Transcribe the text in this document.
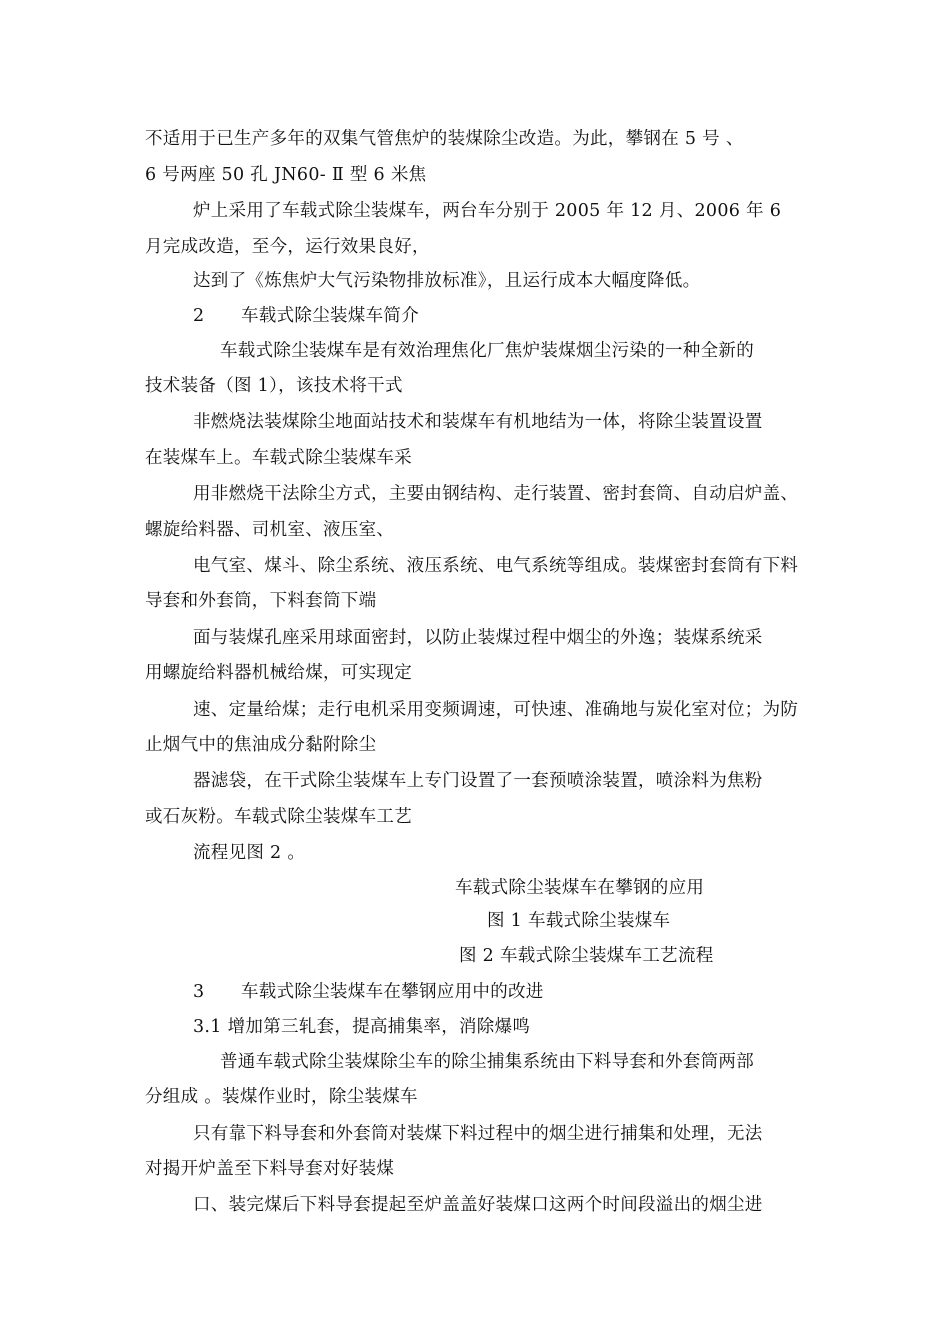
不适用于已生产多年的双集气管焦炉的装煤除尘改造。为此，攀钢在 5 号 、
6 号两座 50 孔 JN60- Ⅱ 型 6 米焦
炉上采用了车载式除尘装煤车，两台车分别于 2005 年 12 月、2006 年 6
月完成改造，至今，运行效果良好，
达到了《炼焦炉大气污染物排放标准》，且运行成本大幅度降低。
2 车载式除尘装煤车简介
车载式除尘装煤车是有效治理焦化厂焦炉装煤烟尘污染的一种全新的
技术装备（图 1），该技术将干式
非燃烧法装煤除尘地面站技术和装煤车有机地结为一体，将除尘装置设置
在装煤车上。车载式除尘装煤车采
用非燃烧干法除尘方式，主要由钢结构、走行装置、密封套筒、自动启炉盖、
螺旋给料器、司机室、液压室、
电气室、煤斗、除尘系统、液压系统、电气系统等组成。装煤密封套筒有下料
导套和外套筒，下料套筒下端
面与装煤孔座采用球面密封，以防止装煤过程中烟尘的外逸；装煤系统采
用螺旋给料器机械给煤，可实现定
速、定量给煤；走行电机采用变频调速，可快速、准确地与炭化室对位；为防
止烟气中的焦油成分黏附除尘
器滤袋，在干式除尘装煤车上专门设置了一套预喷涂装置，喷涂料为焦粉
或石灰粉。车载式除尘装煤车工艺
流程见图 2 。
车载式除尘装煤车在攀钢的应用
图 1 车载式除尘装煤车
图 2 车载式除尘装煤车工艺流程
3 车载式除尘装煤车在攀钢应用中的改进
3.1 增加第三轧套，提高捕集率，消除爆鸣
普通车载式除尘装煤除尘车的除尘捕集系统由下料导套和外套筒两部
分组成 。装煤作业时，除尘装煤车
只有靠下料导套和外套筒对装煤下料过程中的烟尘进行捕集和处理，无法
对揭开炉盖至下料导套对好装煤
口、装完煤后下料导套提起至炉盖盖好装煤口这两个时间段溢出的烟尘进
